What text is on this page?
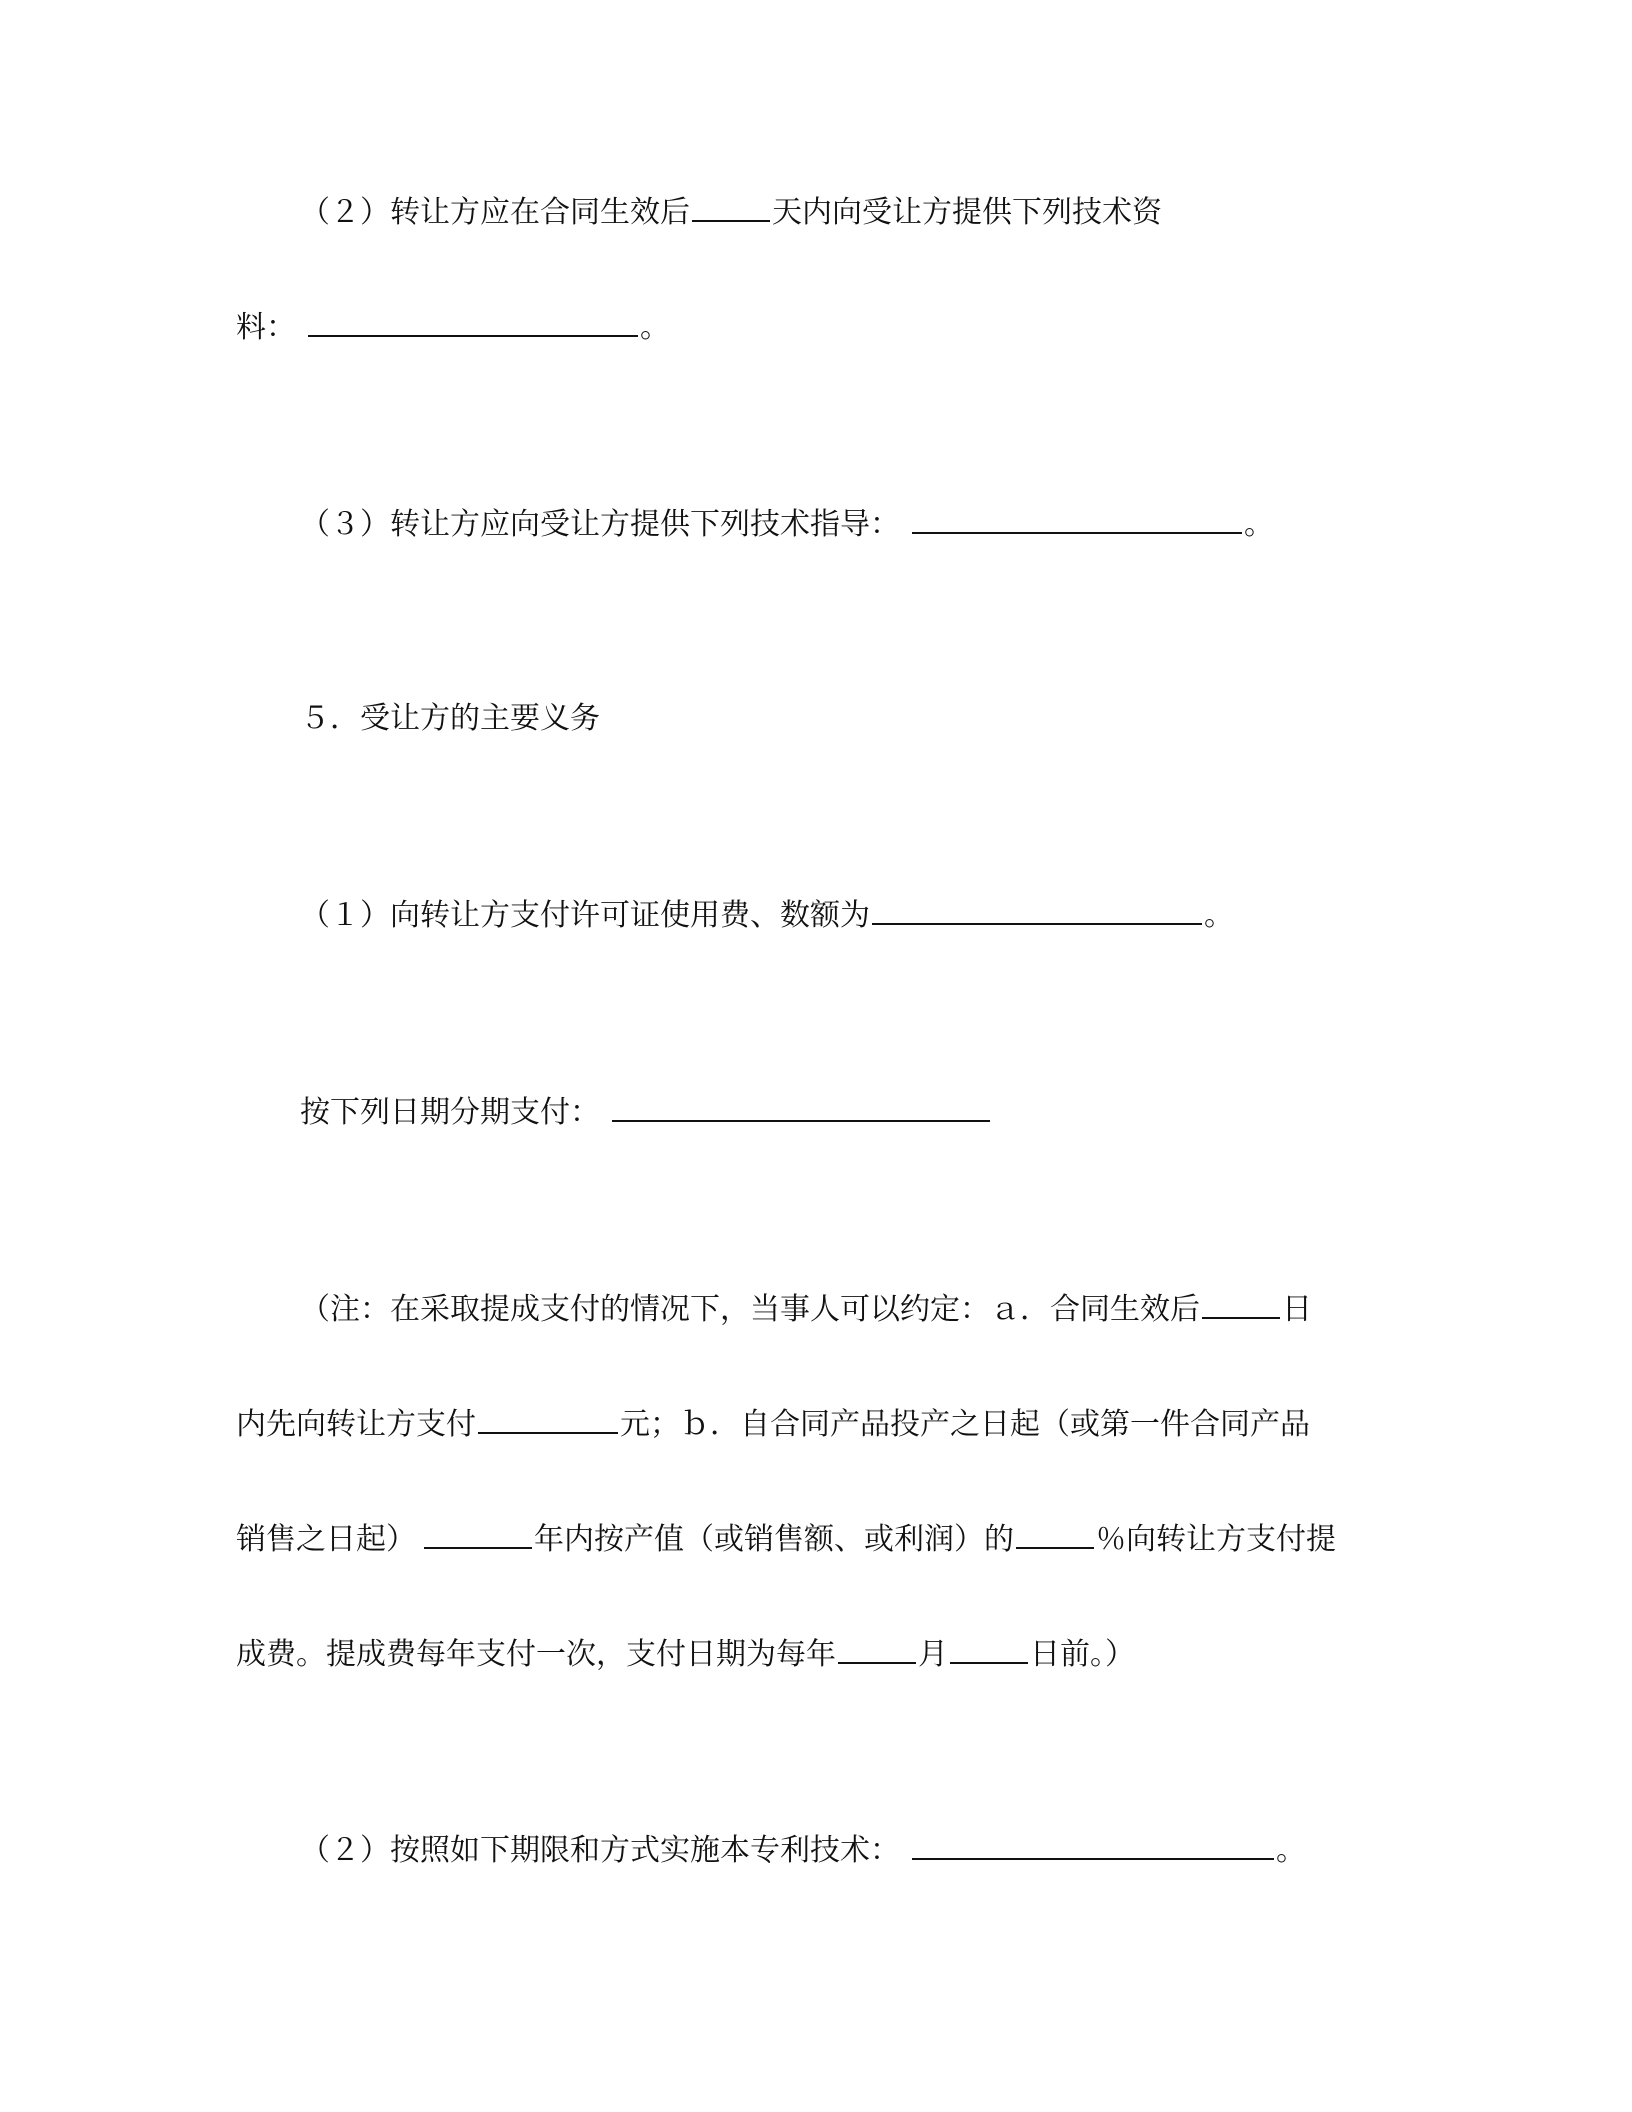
（２）转让方应在合同生效后	天内向受让方提供下列技术资
料：	。
（３）转让方应向受让方提供下列技术指导：	。
５．受让方的主要义务
（１）向转让方支付许可证使用费、数额为	。
按下列日期分期支付：
（注：在采取提成支付的情况下，当事人可以约定：ａ．合同生效后	日
内先向转让方支付	元；ｂ．自合同产品投产之日起（或第一件合同产品
销售之日起）	年内按产值（或销售额、或利润）的	％向转让方支付提
成费。提成费每年支付一次，支付日期为每年	月	日前。）
（２）按照如下期限和方式实施本专利技术：	。
